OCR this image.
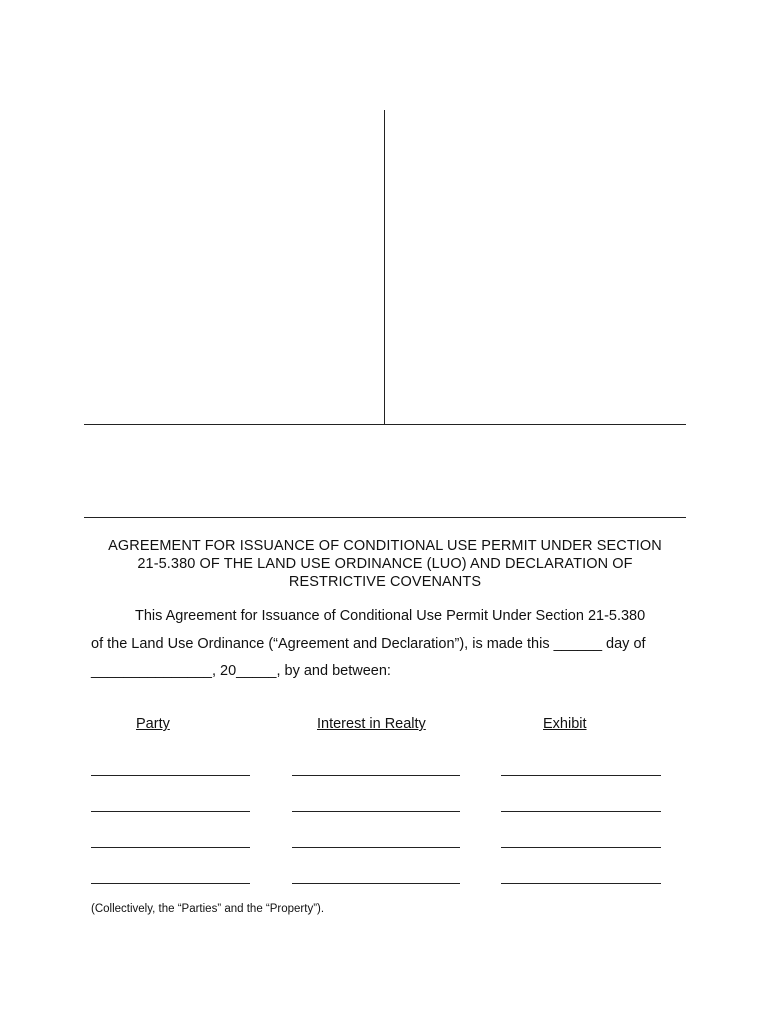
AGREEMENT FOR ISSUANCE OF CONDITIONAL USE PERMIT UNDER SECTION
21-5.380 OF THE LAND USE ORDINANCE (LUO) AND DECLARATION OF
RESTRICTIVE COVENANTS
This Agreement for Issuance of Conditional Use Permit Under Section 21-5.380
of the Land Use Ordinance (“Agreement and Declaration”), is made this ______ day of
_______________, 20_____, by and between:
Party	Interest in Realty	Exhibit
(Collectively, the “Parties” and the “Property”).
